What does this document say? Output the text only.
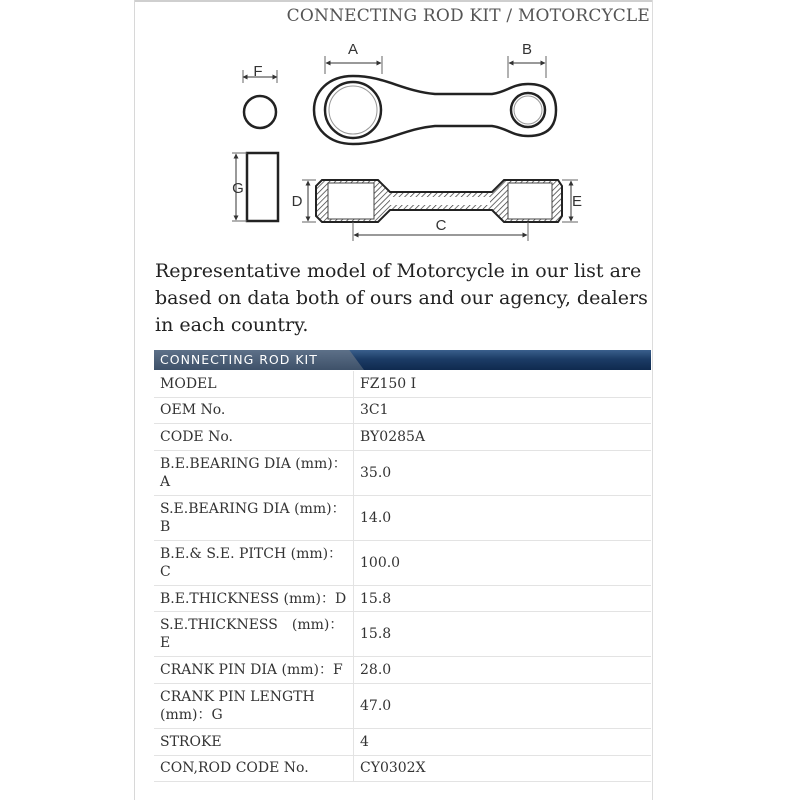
CONNECTING ROD KIT / MOTORCYCLE
F
G
A	B
D	E
C
Representative model of Motorcycle in our list are based on data both of ours and our agency, dealers in each country.
CONNECTING ROD KIT
MODEL	FZ150 I
OEM No.	3C1
CODE No.	BY0285A
B.E.BEARING DIA (mm)：A	35.0
S.E.BEARING DIA (mm)：B	14.0
B.E.& S.E. PITCH (mm)：C	100.0
B.E.THICKNESS (mm)：D	15.8
S.E.THICKNESS　(mm)：E	15.8
CRANK PIN DIA (mm)：F	28.0
CRANK PIN LENGTH (mm)：G	47.0
STROKE	4
CON,ROD CODE No.	CY0302X
